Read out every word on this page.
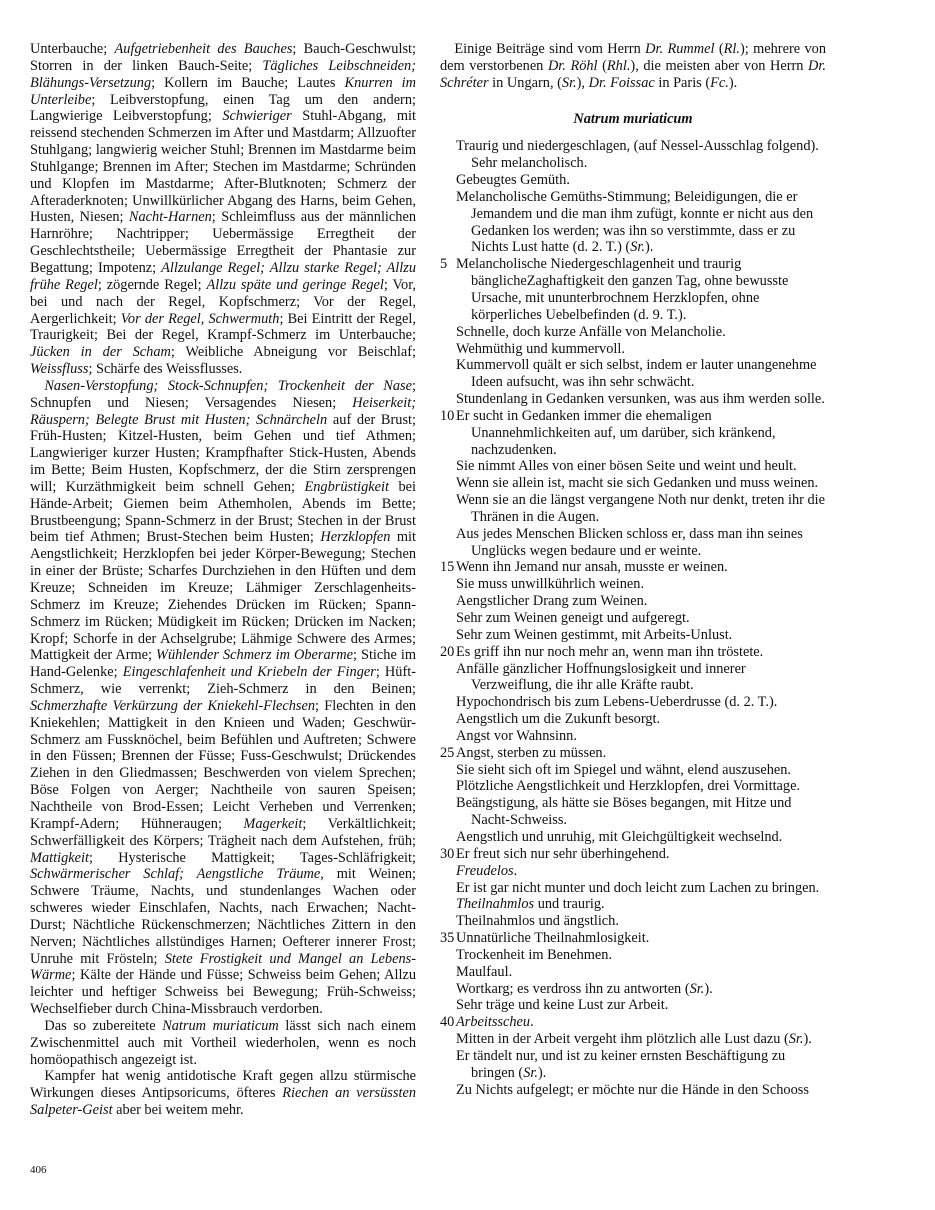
Unterbauche; Aufgetriebenheit des Bauches; Bauch-Geschwulst; Storren in der linken Bauch-Seite; Tägliches Leibschneiden; Blähungs-Versetzung; Kollern im Bauche; Lautes Knurren im Unterleibe; Leibverstopfung, einen Tag um den andern; Langwierige Leibverstopfung; Schwieriger Stuhl-Abgang, mit reissend stechenden Schmerzen im After und Mastdarm; Allzuofter Stuhlgang; langwierig weicher Stuhl; Brennen im Mastdarme beim Stuhlgange; Brennen im After; Stechen im Mastdarme; Schründen und Klopfen im Mastdarme; After-Blutknoten; Schmerz der Afteraderknoten; Unwillkürlicher Abgang des Harns, beim Gehen, Husten, Niesen; Nacht-Harnen; Schleimfluss aus der männlichen Harnröhre; Nachtripper; Uebermässige Erregtheit der Geschlechtstheile; Uebermässige Erregtheit der Phantasie zur Begattung; Impotenz; Allzulange Regel; Allzu starke Regel; Allzu frühe Regel; zögernde Regel; Allzu späte und geringe Regel; Vor, bei und nach der Regel, Kopfschmerz; Vor der Regel, Aergerlichkeit; Vor der Regel, Schwermuth; Bei Eintritt der Regel, Traurigkeit; Bei der Regel, Krampf-Schmerz im Unterbauche; Jücken in der Scham; Weibliche Abneigung vor Beischlaf; Weissfluss; Schärfe des Weissflusses.

Nasen-Verstopfung; Stock-Schnupfen; Trockenheit der Nase; Schnupfen und Niesen; Versagendes Niesen; Heiserkeit; Räuspern; Belegte Brust mit Husten; Schnärcheln auf der Brust; Früh-Husten; Kitzel-Husten, beim Gehen und tief Athmen; Langwieriger kurzer Husten; Krampfhafter Stick-Husten, Abends im Bette; Beim Husten, Kopfschmerz, der die Stirn zersprengen will; Kurzäthmigkeit beim schnell Gehen; Engbrüstigkeit bei Hände-Arbeit; Giemen beim Athemholen, Abends im Bette; Brustbeengung; Spann-Schmerz in der Brust; Stechen in der Brust beim tief Athmen; Brust-Stechen beim Husten; Herzklopfen mit Aengstlichkeit; Herzklopfen bei jeder Körper-Bewegung; Stechen in einer der Brüste; Scharfes Durchziehen in den Hüften und dem Kreuze; Schneiden im Kreuze; Lähmiger Zerschlagenheits-Schmerz im Kreuze; Ziehendes Drücken im Rücken; Spann-Schmerz im Rücken; Müdigkeit im Rücken; Drücken im Nacken; Kropf; Schorfe in der Achselgrube; Lähmige Schwere des Armes; Mattigkeit der Arme; Wühlender Schmerz im Oberarme; Stiche im Hand-Gelenke; Eingeschlafenheit und Kriebeln der Finger; Hüft-Schmerz, wie verrenkt; Zieh-Schmerz in den Beinen; Schmerzhafte Verkürzung der Kniekehl-Flechsen; Flechten in den Kniekehlen; Mattigkeit in den Knieen und Waden; Geschwür-Schmerz am Fussknöchel, beim Befühlen und Auftreten; Schwere in den Füssen; Brennen der Füsse; Fuss-Geschwulst; Drückendes Ziehen in den Gliedmassen; Beschwerden von vielem Sprechen; Böse Folgen von Aerger; Nachtheile von sauren Speisen; Nachtheile von Brod-Essen; Leicht Verheben und Verrenken; Krampf-Adern; Hühneraugen; Magerkeit; Verkältlichkeit; Schwerfälligkeit des Körpers; Trägheit nach dem Aufstehen, früh; Mattigkeit; Hysterische Mattigkeit; Tages-Schläfrigkeit; Schwärmerischer Schlaf; Aengstliche Träume, mit Weinen; Schwere Träume, Nachts, und stundenlanges Wachen oder schweres wieder Einschlafen, Nachts, nach Erwachen; Nacht-Durst; Nächtliche Rückenschmerzen; Nächtliches Zittern in den Nerven; Nächtliches allstündiges Harnen; Oefterer innerer Frost; Unruhe mit Frösteln; Stete Frostigkeit und Mangel an Lebens-Wärme; Kälte der Hände und Füsse; Schweiss beim Gehen; Allzu leichter und heftiger Schweiss bei Bewegung; Früh-Schweiss; Wechselfieber durch China-Missbrauch verdorben.

Das so zubereitete Natrum muriaticum lässt sich nach einem Zwischenmittel auch mit Vortheil wiederholen, wenn es noch homöopathisch angezeigt ist.

Kampfer hat wenig antidotische Kraft gegen allzu stürmische Wirkungen dieses Antipsoricums, öfteres Riechen an versüssten Salpeter-Geist aber bei weitem mehr.

Einige Beiträge sind vom Herrn Dr. Rummel (Rl.); mehrere von dem verstorbenen Dr. Röhl (Rhl.), die meisten aber von Herrn Dr. Schréter in Ungarn, (Sr.), Dr. Foissac in Paris (Fc.).

Natrum muriaticum

Traurig und niedergeschlagen, (auf Nessel-Ausschlag folgend). Sehr melancholisch.

Gebeugtes Gemüth.

Melancholische Gemüths-Stimmung; Beleidigungen, die er Jemandem und die man ihm zufügt, konnte er nicht aus den Gedanken los werden; was ihn so verstimmte, dass er zu Nichts Lust hatte (d. 2. T.) (Sr.).

5 Melancholische Niedergeschlagenheit und traurig bänglicheZaghaftigkeit den ganzen Tag, ohne bewusste Ursache, mit ununterbrochnem Herzklopfen, ohne körperliches Uebelbefinden (d. 9. T.).

Schnelle, doch kurze Anfälle von Melancholie.

Wehmüthig und kummervoll.

Kummervoll quält er sich selbst, indem er lauter unangenehme Ideen aufsucht, was ihn sehr schwächt.

Stundenlang in Gedanken versunken, was aus ihm werden solle.

10 Er sucht in Gedanken immer die ehemaligen Unannehmlichkeiten auf, um darüber, sich kränkend, nachzudenken.

Sie nimmt Alles von einer bösen Seite und weint und heult.

Wenn sie allein ist, macht sie sich Gedanken und muss weinen.

Wenn sie an die längst vergangene Noth nur denkt, treten ihr die Thränen in die Augen.

Aus jedes Menschen Blicken schloss er, dass man ihn seines Unglücks wegen bedaure und er weinte.

15 Wenn ihn Jemand nur ansah, musste er weinen.

Sie muss unwillkührlich weinen.

Aengstlicher Drang zum Weinen.

Sehr zum Weinen geneigt und aufgeregt.

Sehr zum Weinen gestimmt, mit Arbeits-Unlust.

20 Es griff ihn nur noch mehr an, wenn man ihn tröstete.

Anfälle gänzlicher Hoffnungslosigkeit und innerer Verzweiflung, die ihr alle Kräfte raubt.

Hypochondrisch bis zum Lebens-Ueberdrusse (d. 2. T.).

Aengstlich um die Zukunft besorgt.

Angst vor Wahnsinn.

25 Angst, sterben zu müssen.

Sie sieht sich oft im Spiegel und wähnt, elend auszusehen.

Plötzliche Aengstlichkeit und Herzklopfen, drei Vormittage.

Beängstigung, als hätte sie Böses begangen, mit Hitze und Nacht-Schweiss.

Aengstlich und unruhig, mit Gleichgültigkeit wechselnd.

30 Er freut sich nur sehr überhingehend.

Freudelos.

Er ist gar nicht munter und doch leicht zum Lachen zu bringen.

Theilnahmlos und traurig.

Theilnahmlos und ängstlich.

35 Unnatürliche Theilnahmlosigkeit.

Trockenheit im Benehmen.

Maulfaul.

Wortkarg; es verdross ihn zu antworten (Sr.).

Sehr träge und keine Lust zur Arbeit.

40 Arbeitsscheu.

Mitten in der Arbeit vergeht ihm plötzlich alle Lust dazu (Sr.).

Er tändelt nur, und ist zu keiner ernsten Beschäftigung zu bringen (Sr.).

Zu Nichts aufgelegt; er möchte nur die Hände in den Schooss

406
